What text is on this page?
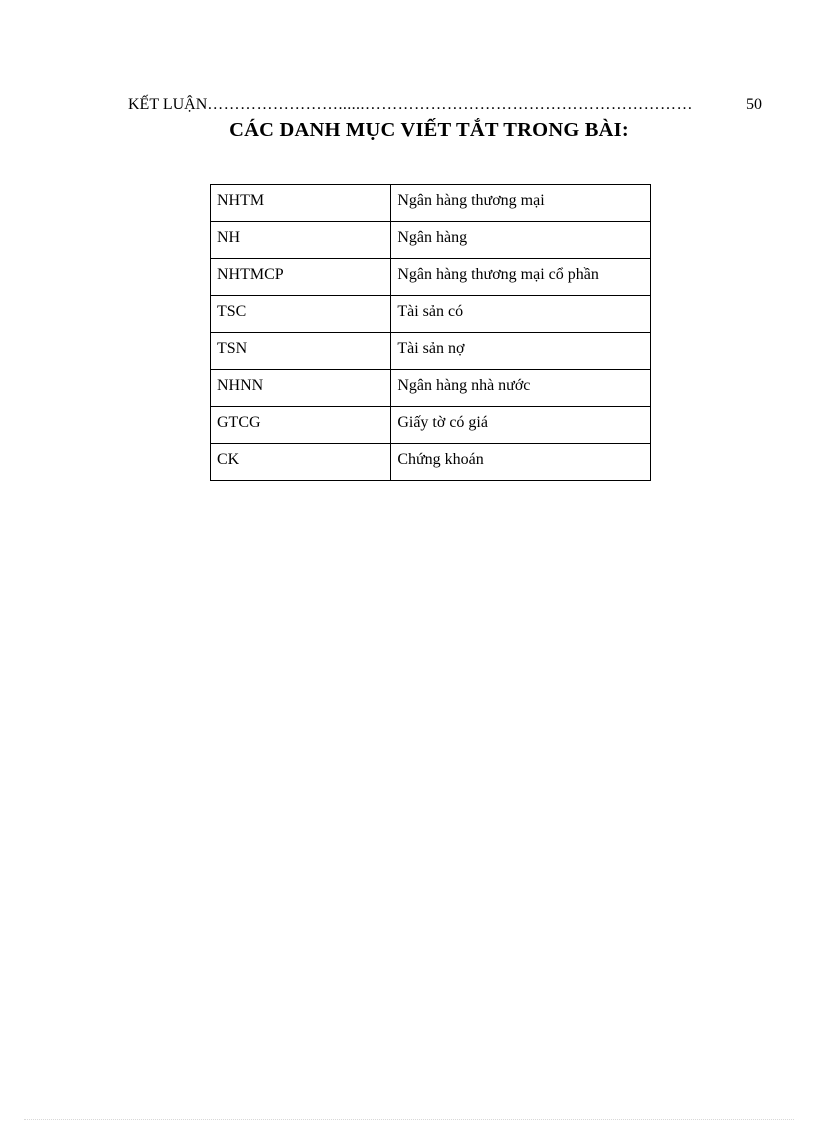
KẾT LUẬN ……………………......……………………………………………………	50
CÁC DANH MỤC VIẾT TẮT TRONG BÀI:
NHTM	Ngân hàng thương mại
NH	Ngân hàng
NHTMCP	Ngân hàng thương mại cổ phần
TSC	Tài sản có
TSN	Tài sản nợ
NHNN	Ngân hàng nhà nước
GTCG	Giấy tờ có giá
CK	Chứng khoán
